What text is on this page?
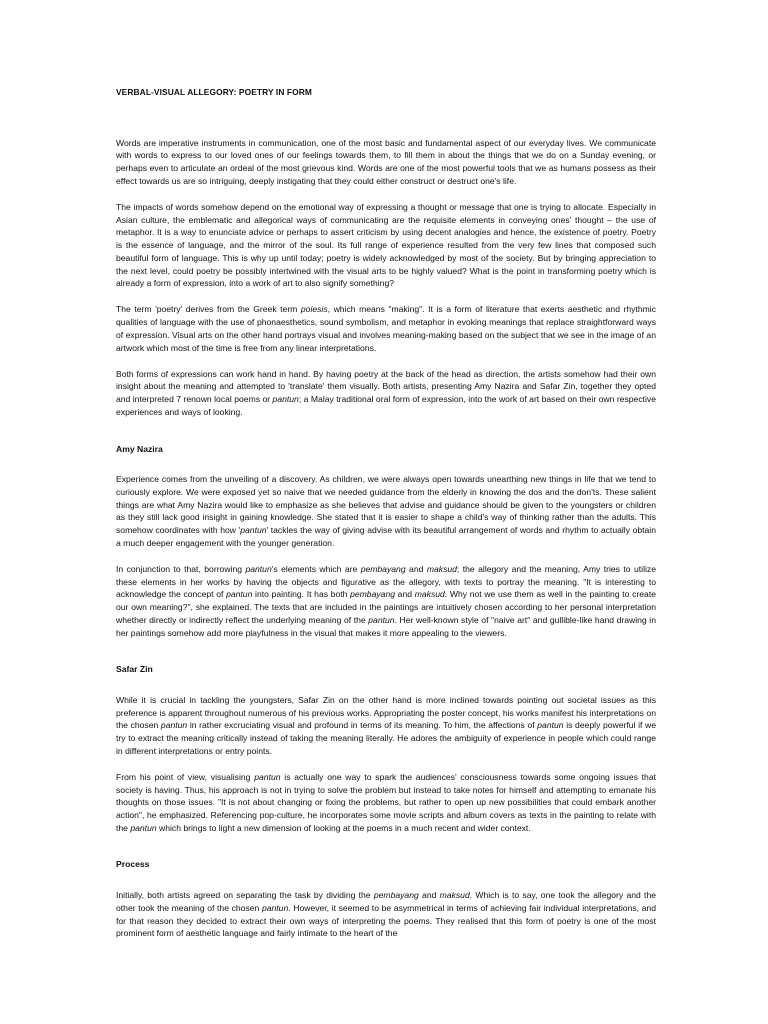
VERBAL-VISUAL ALLEGORY: POETRY IN FORM

Words are imperative instruments in communication, one of the most basic and fundamental aspect of our everyday lives. We communicate with words to express to our loved ones of our feelings towards them, to fill them in about the things that we do on a Sunday evening, or perhaps even to articulate an ordeal of the most grievous kind. Words are one of the most powerful tools that we as humans possess as their effect towards us are so intriguing, deeply instigating that they could either construct or destruct one's life.

The impacts of words somehow depend on the emotional way of expressing a thought or message that one is trying to allocate. Especially in Asian culture, the emblematic and allegorical ways of communicating are the requisite elements in conveying ones' thought – the use of metaphor. It is a way to enunciate advice or perhaps to assert criticism by using decent analogies and hence, the existence of poetry. Poetry is the essence of language, and the mirror of the soul. Its full range of experience resulted from the very few lines that composed such beautiful form of language. This is why up until today; poetry is widely acknowledged by most of the society. But by bringing appreciation to the next level, could poetry be possibly intertwined with the visual arts to be highly valued? What is the point in transforming poetry which is already a form of expression, into a work of art to also signify something?

The term 'poetry' derives from the Greek term poiesis, which means "making". It is a form of literature that exerts aesthetic and rhythmic qualities of language with the use of phonaesthetics, sound symbolism, and metaphor in evoking meanings that replace straightforward ways of expression. Visual arts on the other hand portrays visual and involves meaning-making based on the subject that we see in the image of an artwork which most of the time is free from any linear interpretations.

Both forms of expressions can work hand in hand. By having poetry at the back of the head as direction, the artists somehow had their own insight about the meaning and attempted to 'translate' them visually. Both artists, presenting Amy Nazira and Safar Zin, together they opted and interpreted 7 renown local poems or pantun; a Malay traditional oral form of expression, into the work of art based on their own respective experiences and ways of looking.

Amy Nazira

Experience comes from the unveiling of a discovery. As children, we were always open towards unearthing new things in life that we tend to curiously explore. We were exposed yet so naive that we needed guidance from the elderly in knowing the dos and the don'ts. These salient things are what Amy Nazira would like to emphasize as she believes that advise and guidance should be given to the youngsters or children as they still lack good insight in gaining knowledge. She stated that it is easier to shape a child's way of thinking rather than the adults. This somehow coordinates with how 'pantun' tackles the way of giving advise with its beautiful arrangement of words and rhythm to actually obtain a much deeper engagement with the younger generation.

In conjunction to that, borrowing pantun's elements which are pembayang and maksud; the allegory and the meaning, Amy tries to utilize these elements in her works by having the objects and figurative as the allegory, with texts to portray the meaning. "It is interesting to acknowledge the concept of pantun into painting. It has both pembayang and maksud. Why not we use them as well in the painting to create our own meaning?", she explained. The texts that are included in the paintings are intuitively chosen according to her personal interpretation whether directly or indirectly reflect the underlying meaning of the pantun. Her well-known style of "naive art" and gullible-like hand drawing in her paintings somehow add more playfulness in the visual that makes it more appealing to the viewers.

Safar Zin

While it is crucial in tackling the youngsters, Safar Zin on the other hand is more inclined towards pointing out societal issues as this preference is apparent throughout numerous of his previous works. Appropriating the poster concept, his works manifest his interpretations on the chosen pantun in rather excruciating visual and profound in terms of its meaning. To him, the affections of pantun is deeply powerful if we try to extract the meaning critically instead of taking the meaning literally. He adores the ambiguity of experience in people which could range in different interpretations or entry points.

From his point of view, visualising pantun is actually one way to spark the audiences' consciousness towards some ongoing issues that society is having. Thus, his approach is not in trying to solve the problem but instead to take notes for himself and attempting to emanate his thoughts on those issues. "It is not about changing or fixing the problems, but rather to open up new possibilities that could embark another action", he emphasized. Referencing pop-culture, he incorporates some movie scripts and album covers as texts in the painting to relate with the pantun which brings to light a new dimension of looking at the poems in a much recent and wider context.

Process

Initially, both artists agreed on separating the task by dividing the pembayang and maksud. Which is to say, one took the allegory and the other took the meaning of the chosen pantun. However, it seemed to be asymmetrical in terms of achieving fair individual interpretations, and for that reason they decided to extract their own ways of interpreting the poems. They realised that this form of poetry is one of the most prominent form of aesthetic language and fairly intimate to the heart of the
